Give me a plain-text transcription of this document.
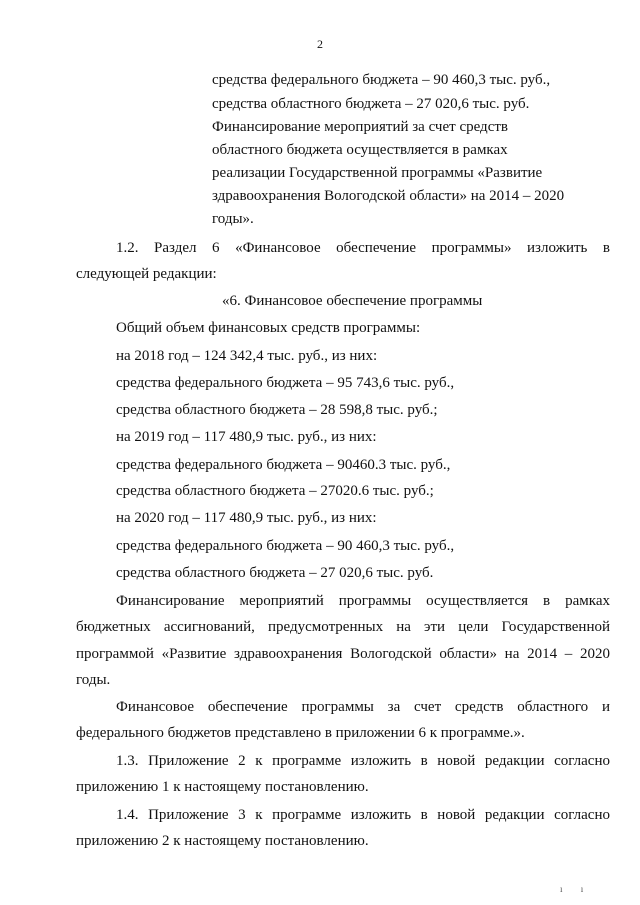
2
средства федерального бюджета – 90 460,3 тыс. руб.,
средства областного бюджета – 27 020,6 тыс. руб.
Финансирование мероприятий за счет средств
областного бюджета осуществляется в рамках
реализации Государственной программы «Развитие
здравоохранения Вологодской области» на 2014 – 2020
годы».
1.2. Раздел 6 «Финансовое обеспечение программы» изложить в
следующей редакции:
«6. Финансовое обеспечение программы
Общий объем финансовых средств программы:
на 2018 год – 124 342,4 тыс. руб., из них:
средства федерального бюджета – 95 743,6 тыс. руб.,
средства областного бюджета – 28 598,8 тыс. руб.;
на 2019 год – 117 480,9 тыс. руб., из них:
средства федерального бюджета – 90460.3 тыс. руб.,
средства областного бюджета – 27020.6 тыс. руб.;
на 2020 год – 117 480,9 тыс. руб., из них:
средства федерального бюджета – 90 460,3 тыс. руб.,
средства областного бюджета – 27 020,6 тыс. руб.
Финансирование мероприятий программы осуществляется в рамках
бюджетных ассигнований, предусмотренных на эти цели Государственной
программой «Развитие здравоохранения Вологодской области» на 2014 – 2020
годы.
Финансовое обеспечение программы за счет средств областного и
федерального бюджетов представлено в приложении 6 к программе.».
1.3. Приложение 2 к программе изложить в новой редакции согласно
приложению 1 к настоящему постановлению.
1.4. Приложение 3 к программе изложить в новой редакции согласно
приложению 2 к настоящему постановлению.
ı ı
